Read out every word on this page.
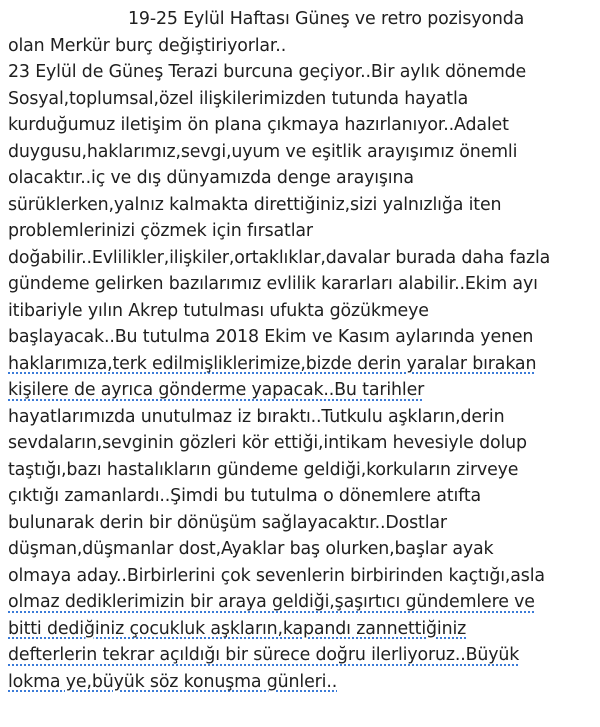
19-25 Eylül Haftası Güneş ve retro pozisyonda
olan Merkür burç değiştiriyorlar..
23 Eylül de Güneş Terazi burcuna geçiyor..Bir aylık dönemde
Sosyal,toplumsal,özel ilişkilerimizden tutunda hayatla
kurduğumuz iletişim ön plana çıkmaya hazırlanıyor..Adalet
duygusu,haklarımız,sevgi,uyum ve eşitlik arayışımız önemli
olacaktır..iç ve dış dünyamızda denge arayışına
sürüklerken,yalnız kalmakta direttiğiniz,sizi yalnızlığa iten
problemlerinizi çözmek için fırsatlar
doğabilir..Evlilikler,ilişkiler,ortaklıklar,davalar burada daha fazla
gündeme gelirken bazılarımız evlilik kararları alabilir..Ekim ayı
itibariyle yılın Akrep tutulması ufukta gözükmeye
başlayacak..Bu tutulma 2018 Ekim ve Kasım aylarında yenen
haklarımıza,terk edilmişliklerimize,bizde derin yaralar bırakan
kişilere de ayrıca gönderme yapacak..Bu tarihler
hayatlarımızda unutulmaz iz bıraktı..Tutkulu aşkların,derin
sevdaların,sevginin gözleri kör ettiği,intikam hevesiyle dolup
taştığı,bazı hastalıkların gündeme geldiği,korkuların zirveye
çıktığı zamanlardı..Şimdi bu tutulma o dönemlere atıfta
bulunarak derin bir dönüşüm sağlayacaktır..Dostlar
düşman,düşmanlar dost,Ayaklar baş olurken,başlar ayak
olmaya aday..Birbirlerini çok sevenlerin birbirinden kaçtığı,asla
olmaz dediklerimizin bir araya geldiği,şaşırtıcı gündemlere ve
bitti dediğiniz çocukluk aşkların,kapandı zannettiğiniz
defterlerin tekrar açıldığı bir sürece doğru ilerliyoruz..Büyük
lokma ye,büyük söz konuşma günleri..
